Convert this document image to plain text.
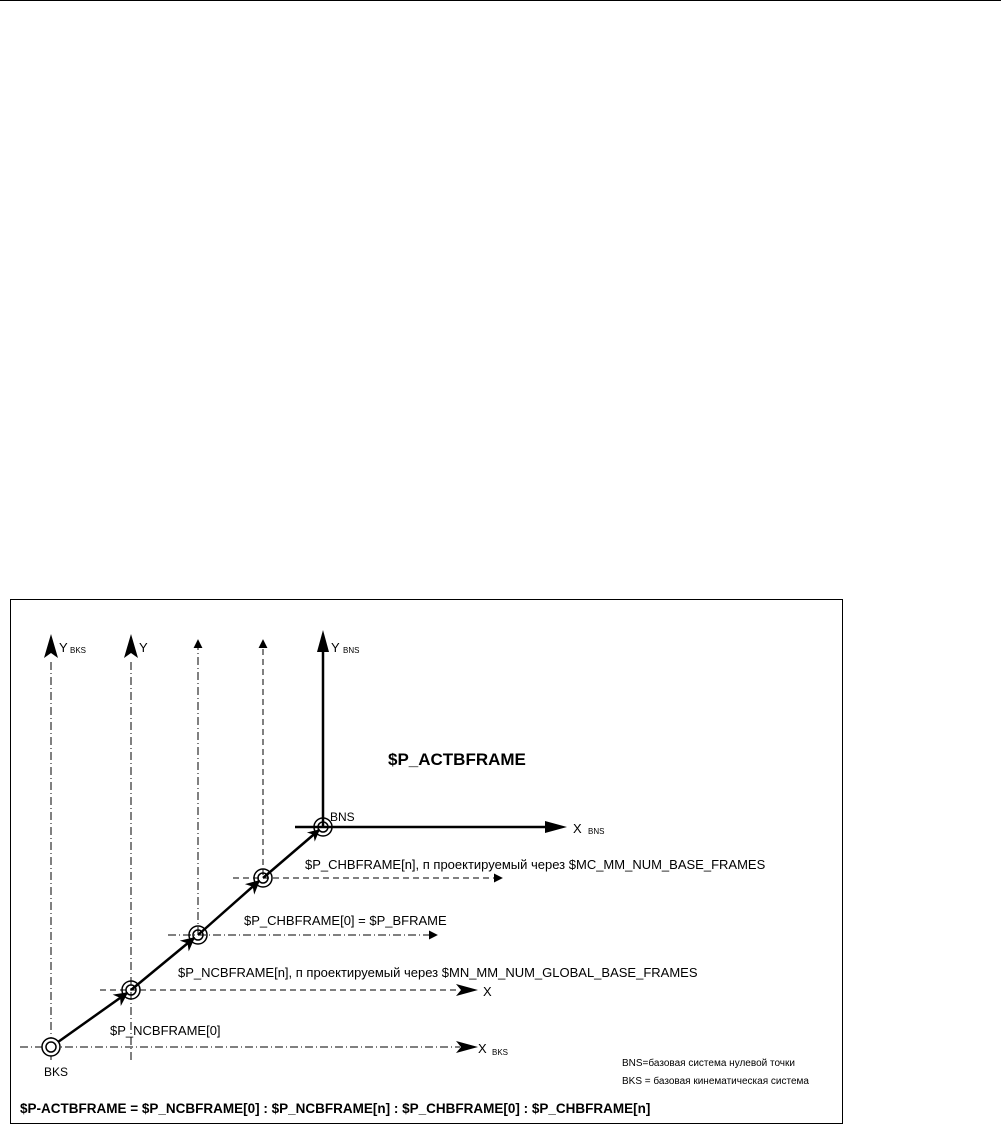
Y BKS	Y	Y BNS
X BNS
X
X BKS
BNS
BKS
$P_ACTBFRAME
$P_CHBFRAME[n], п проектируемый через $MC_MM_NUM_BASE_FRAMES
$P_CHBFRAME[0] = $P_BFRAME
$P_NCBFRAME[n], п проектируемый через $MN_MM_NUM_GLOBAL_BASE_FRAMES
$P_NCBFRAME[0]
BNS=базовая система нулевой точки
BKS = базовая кинематическая система
$P-ACTBFRAME = $P_NCBFRAME[0] : $P_NCBFRAME[n] : $P_CHBFRAME[0] : $P_CHBFRAME[n]
